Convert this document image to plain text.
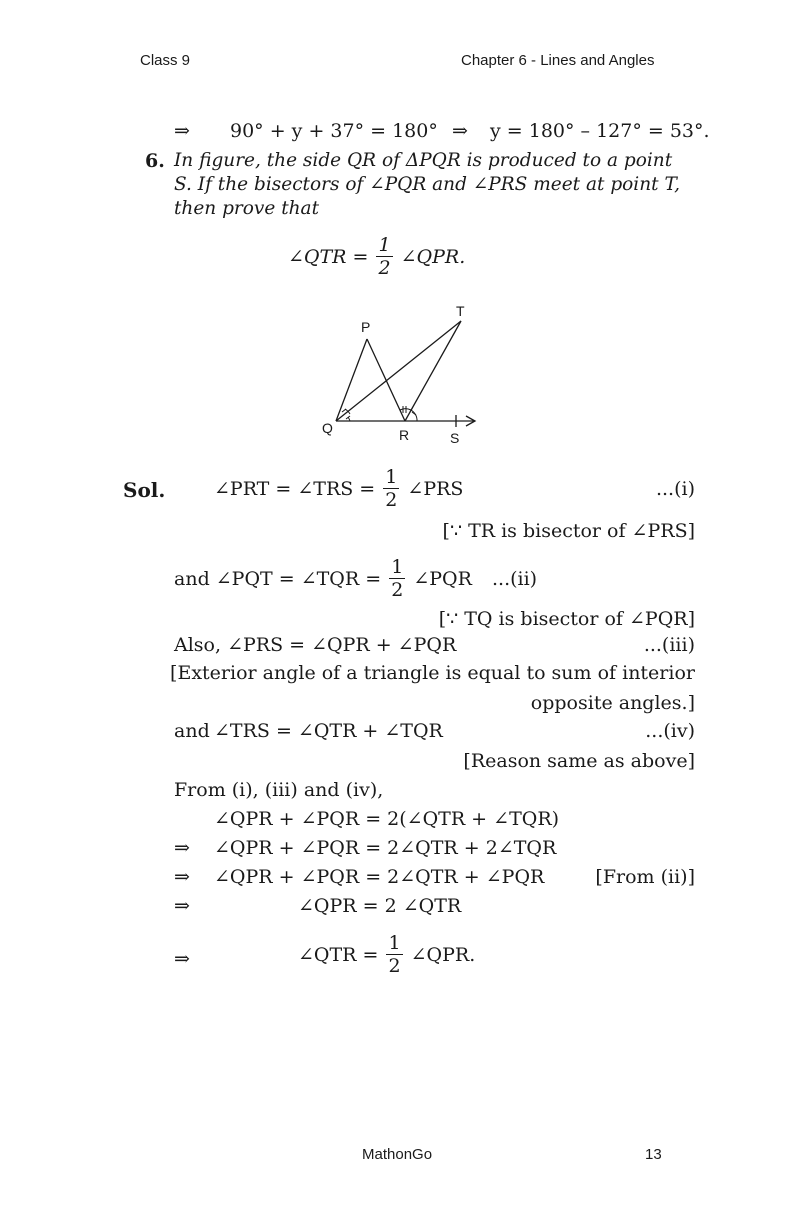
Class 9	Chapter 6 - Lines and Angles
⇒ 90° + y + 37° = 180° ⇒ y = 180° – 127° = 53°.
6. In figure, the side QR of ΔPQR is produced to a point
S. If the bisectors of ∠PQR and ∠PRS meet at point T,
then prove that
∠QTR = $\frac{1}{2}$ ∠QPR.
P
Q	R	S
T
Sol.	∠PRT = ∠TRS = $\frac{1}{2}$ ∠PRS	...(i)
[∵ TR is bisector of ∠PRS]
and ∠PQT = ∠TQR = $\frac{1}{2}$ ∠PQR ...(ii)
[∵ TQ is bisector of ∠PQR]
Also, ∠PRS = ∠QPR + ∠PQR	...(iii)
[Exterior angle of a triangle is equal to sum of interior
opposite angles.]
and ∠TRS = ∠QTR + ∠TQR	...(iv)
[Reason same as above]
From (i), (iii) and (iv),
∠QPR + ∠PQR = 2(∠QTR + ∠TQR)
⇒ ∠QPR + ∠PQR = 2∠QTR + 2∠TQR
⇒ ∠QPR + ∠PQR = 2∠QTR + ∠PQR	[From (ii)]
⇒	∠QPR = 2 ∠QTR
⇒	∠QTR = $\frac{1}{2}$ ∠QPR.
MathonGo	13
